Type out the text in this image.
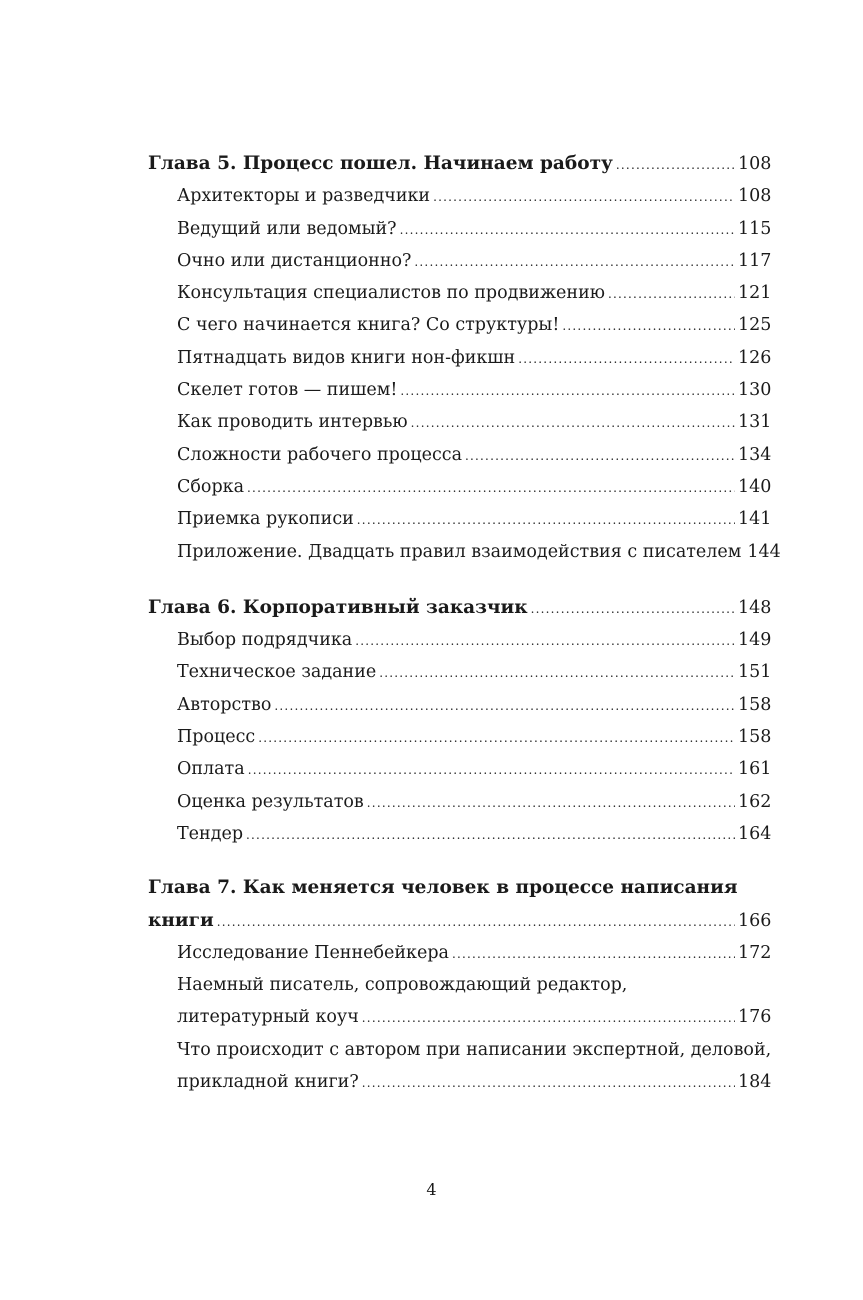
Глава 5. Процесс пошел. Начинаем работу .....	108
Архитекторы и разведчики .....	108
Ведущий или ведомый? .....	115
Очно или дистанционно? .....	117
Консультация специалистов по продвижению .....	121
С чего начинается книга? Со структуры! .....	125
Пятнадцать видов книги нон-фикшн .....	126
Скелет готов — пишем! .....	130
Как проводить интервью .....	131
Сложности рабочего процесса .....	134
Сборка .....	140
Приемка рукописи .....	141
Приложение. Двадцать правил взаимодействия с писателем 144
Глава 6. Корпоративный заказчик .....	148
Выбор подрядчика .....	149
Техническое задание .....	151
Авторство .....	158
Процесс .....	158
Оплата .....	161
Оценка результатов .....	162
Тендер .....	164
Глава 7. Как меняется человек в процессе написания
книги .....	166
Исследование Пеннебейкера .....	172
Наемный писатель, сопровождающий редактор,
литературный коуч .....	176
Что происходит с автором при написании экспертной, деловой,
прикладной книги? .....	184
4
